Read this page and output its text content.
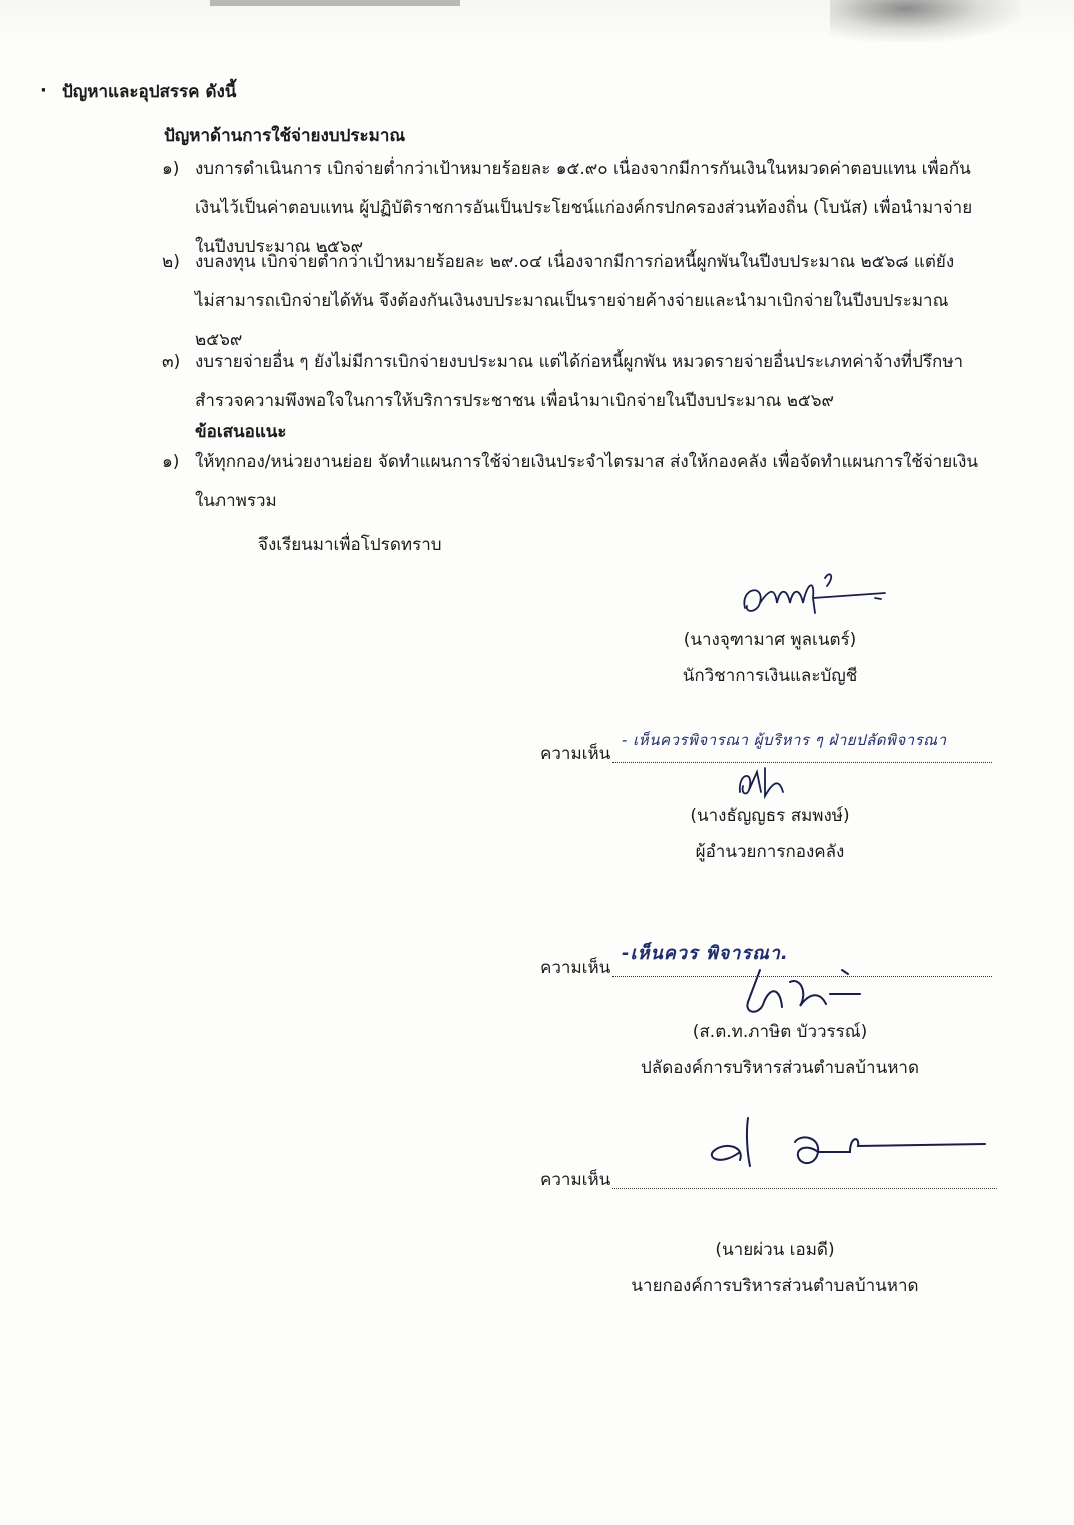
· ปัญหาและอุปสรรค ดังนี้
ปัญหาด้านการใช้จ่ายงบประมาณ
๑) งบการดำเนินการ เบิกจ่ายต่ำกว่าเป้าหมายร้อยละ ๑๕.๙๐ เนื่องจากมีการกันเงินในหมวดค่าตอบแทน เพื่อกัน
เงินไว้เป็นค่าตอบแทน ผู้ปฏิบัติราชการอันเป็นประโยชน์แก่องค์กรปกครองส่วนท้องถิ่น (โบนัส) เพื่อนำมาจ่าย
ในปีงบประมาณ ๒๕๖๙
๒) งบลงทุน เบิกจ่ายต่ำกว่าเป้าหมายร้อยละ ๒๙.๐๔ เนื่องจากมีการก่อหนี้ผูกพันในปีงบประมาณ ๒๕๖๘ แต่ยัง
ไม่สามารถเบิกจ่ายได้ทัน จึงต้องกันเงินงบประมาณเป็นรายจ่ายค้างจ่ายและนำมาเบิกจ่ายในปีงบประมาณ
๒๕๖๙
๓) งบรายจ่ายอื่น ๆ ยังไม่มีการเบิกจ่ายงบประมาณ แต่ได้ก่อหนี้ผูกพัน หมวดรายจ่ายอื่นประเภทค่าจ้างที่ปรึกษา
สำรวจความพึงพอใจในการให้บริการประชาชน เพื่อนำมาเบิกจ่ายในปีงบประมาณ ๒๕๖๙
ข้อเสนอแนะ
๑) ให้ทุกกอง/หน่วยงานย่อย จัดทำแผนการใช้จ่ายเงินประจำไตรมาส ส่งให้กองคลัง เพื่อจัดทำแผนการใช้จ่ายเงิน
ในภาพรวม
จึงเรียนมาเพื่อโปรดทราบ
(นางจุฑามาศ พูลเนตร์)
นักวิชาการเงินและบัญชี
ความเห็น
- เห็นควรพิจารณา ผู้บริหาร ๆ ฝ่ายปลัดพิจารณา
(นางธัญญธร สมพงษ์)
ผู้อำนวยการกองคลัง
ความเห็น
-เห็นควร พิจารณา.
(ส.ต.ท.ภาษิต บัววรรณ์)
ปลัดองค์การบริหารส่วนตำบลบ้านหาด
ความเห็น
(นายผ่วน เอมดี)
นายกองค์การบริหารส่วนตำบลบ้านหาด
